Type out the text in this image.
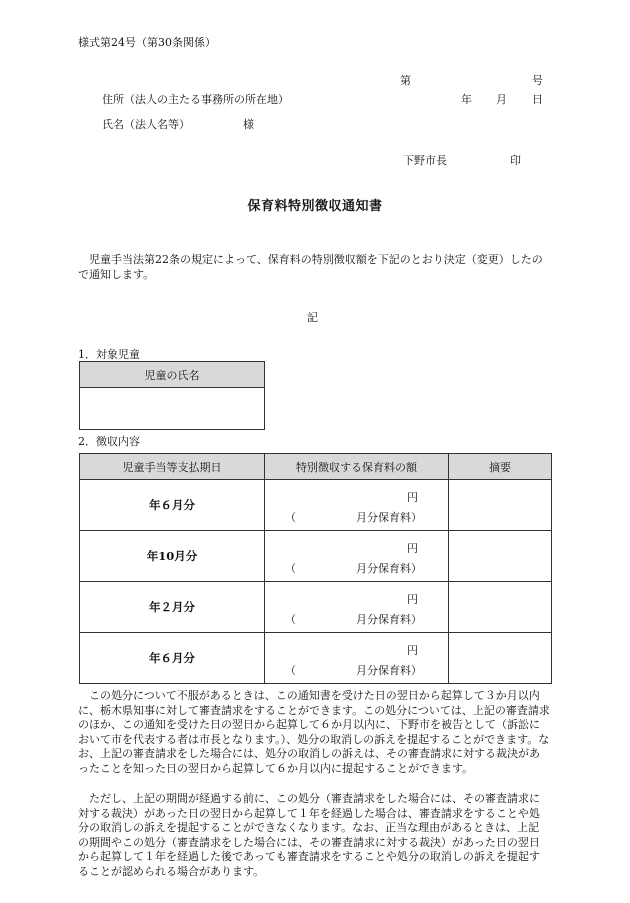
様式第24号（第30条関係）
第	号
住所（法人の主たる事務所の所在地）	年 月 日
氏名（法人名等）	様
下野市長	印
保育料特別徴収通知書
児童手当法第22条の規定によって、保育料の特別徴収額を下記のとおり決定（変更）したので通知します。
記
1．対象児童
児童の氏名

2．徴収内容
児童手当等支払期日	特別徴収する保育料の額	摘要
年６月分	円
（ 月分保育料）	

年10月分	円
（ 月分保育料）	

年２月分	円
（ 月分保育料）	

年６月分	円
（ 月分保育料）	

この処分について不服があるときは、この通知書を受けた日の翌日から起算して３か月以内に、栃木県知事に対して審査請求をすることができます。この処分については、上記の審査請求のほか、この通知を受けた日の翌日から起算して６か月以内に、下野市を被告として（訴訟において市を代表する者は市長となります。）、処分の取消しの訴えを提起することができます。なお、上記の審査請求をした場合には、処分の取消しの訴えは、その審査請求に対する裁決があったことを知った日の翌日から起算して６か月以内に提起することができます。
ただし、上記の期間が経過する前に、この処分（審査請求をした場合には、その審査請求に対する裁決）があった日の翌日から起算して１年を経過した場合は、審査請求をすることや処分の取消しの訴えを提起することができなくなります。なお、正当な理由があるときは、上記の期間やこの処分（審査請求をした場合には、その審査請求に対する裁決）があった日の翌日から起算して１年を経過した後であっても審査請求をすることや処分の取消しの訴えを提起することが認められる場合があります。
